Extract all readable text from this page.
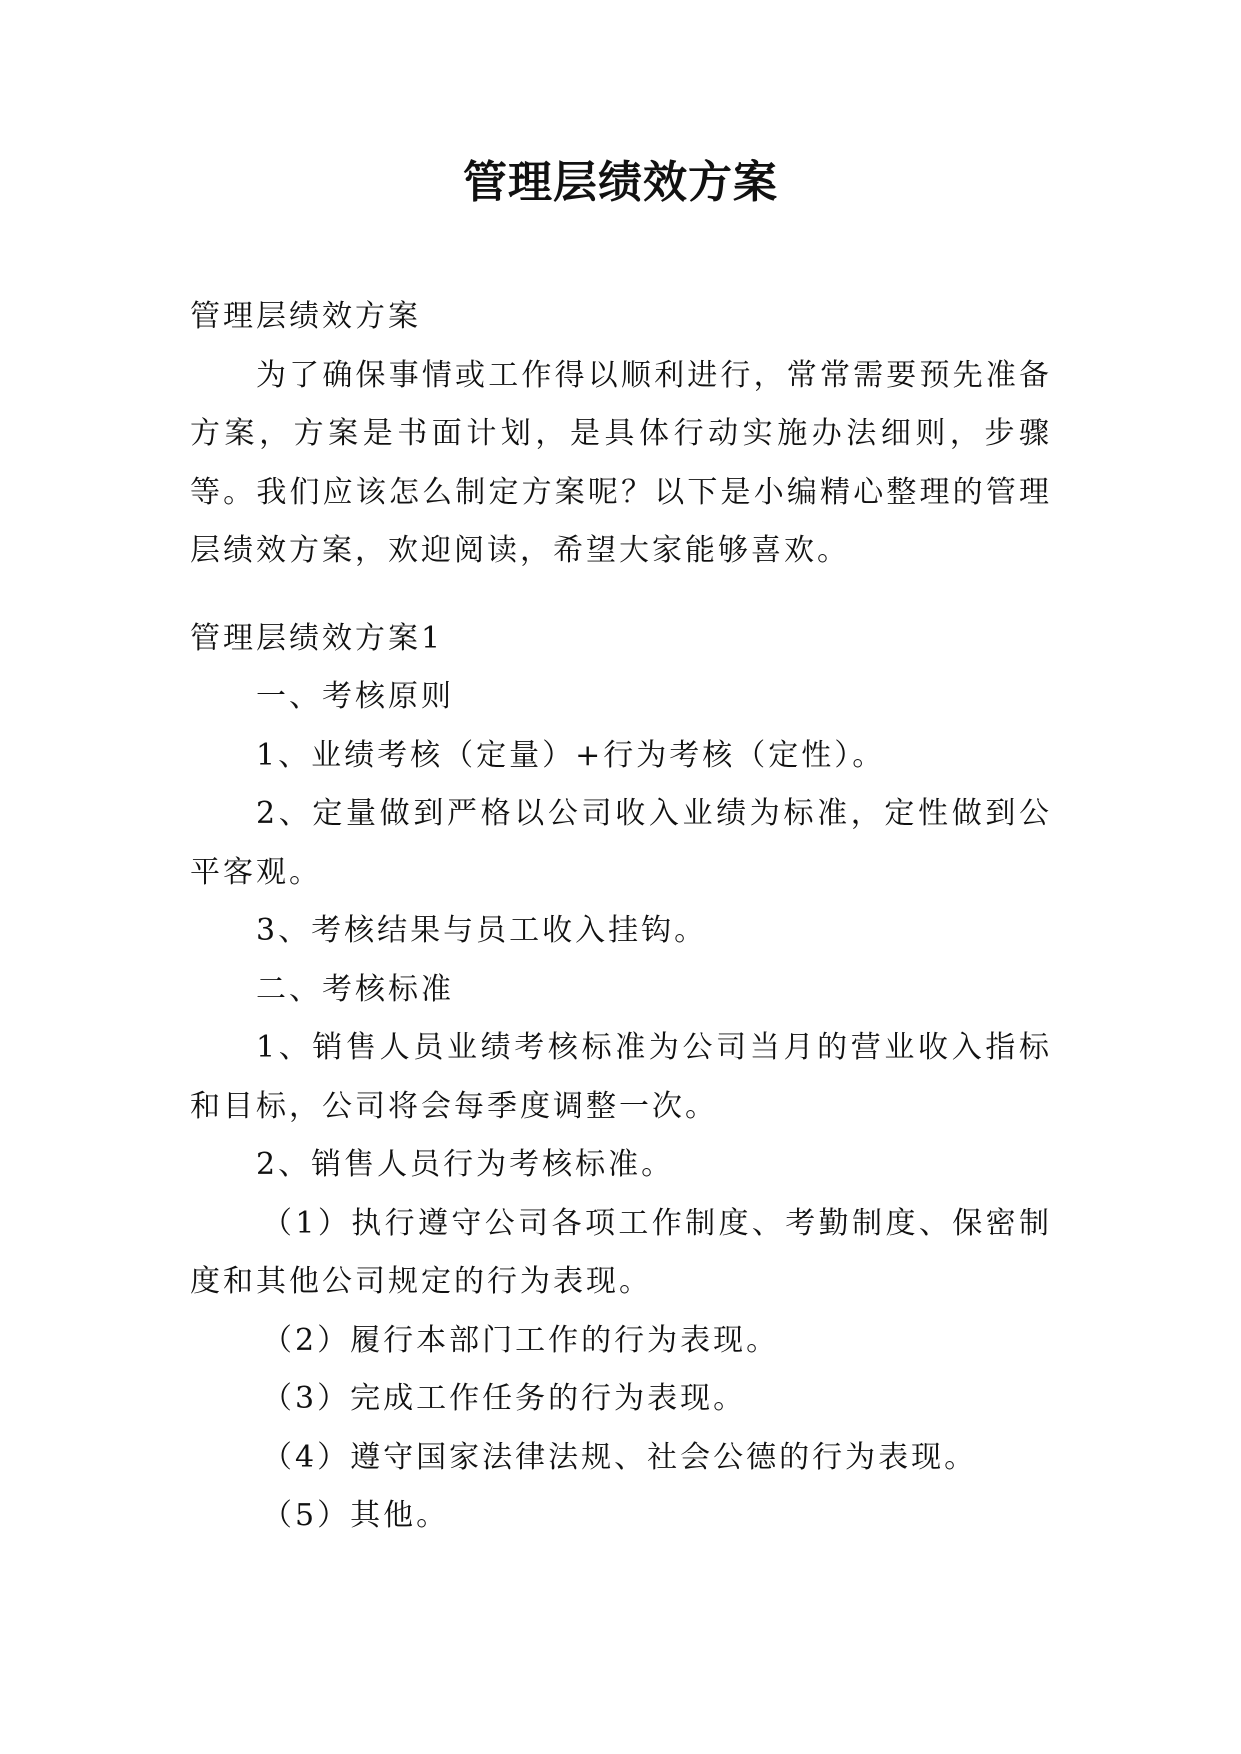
管理层绩效方案

管理层绩效方案

为了确保事情或工作得以顺利进行，常常需要预先准备方案，方案是书面计划，是具体行动实施办法细则，步骤等。我们应该怎么制定方案呢？以下是小编精心整理的管理层绩效方案，欢迎阅读，希望大家能够喜欢。

管理层绩效方案1

一、考核原则

1、业绩考核（定量）+行为考核（定性）。

2、定量做到严格以公司收入业绩为标准，定性做到公平客观。

3、考核结果与员工收入挂钩。

二、考核标准

1、销售人员业绩考核标准为公司当月的营业收入指标和目标，公司将会每季度调整一次。

2、销售人员行为考核标准。

（1）执行遵守公司各项工作制度、考勤制度、保密制度和其他公司规定的行为表现。

（2）履行本部门工作的行为表现。

（3）完成工作任务的行为表现。

（4）遵守国家法律法规、社会公德的行为表现。

（5）其他。
